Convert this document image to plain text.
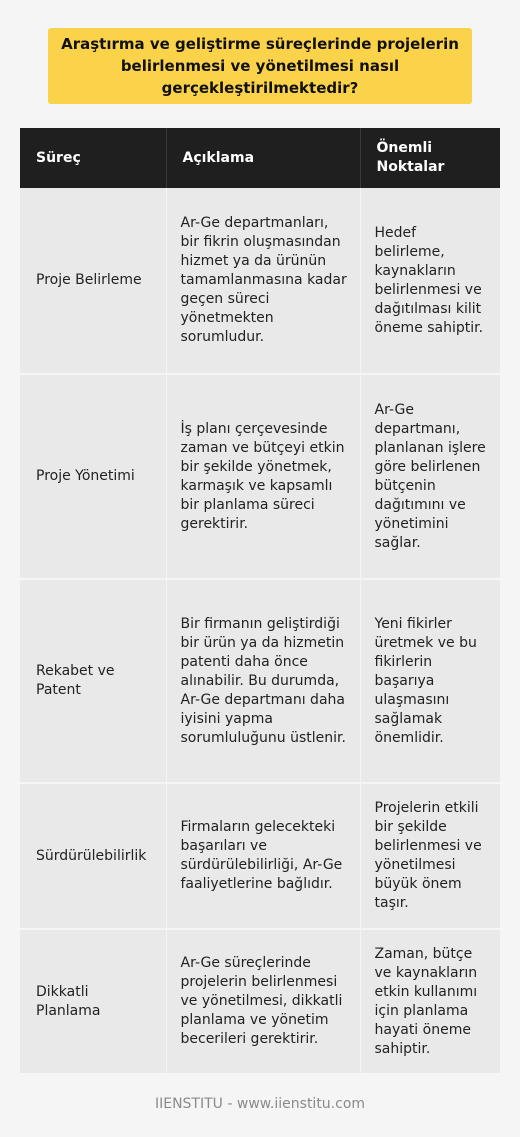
Araştırma ve geliştirme süreçlerinde projelerin belirlenmesi ve yönetilmesi nasıl gerçekleştirilmektedir?
Süreç	Açıklama	Önemli Noktalar
Proje Belirleme	Ar-Ge departmanları, bir fikrin oluşmasından hizmet ya da ürünün tamamlanmasına kadar geçen süreci yönetmekten sorumludur.	Hedef belirleme, kaynakların belirlenmesi ve dağıtılması kilit öneme sahiptir.
Proje Yönetimi	İş planı çerçevesinde zaman ve bütçeyi etkin bir şekilde yönetmek, karmaşık ve kapsamlı bir planlama süreci gerektirir.	Ar-Ge departmanı, planlanan işlere göre belirlenen bütçenin dağıtımını ve yönetimini sağlar.
Rekabet ve Patent	Bir firmanın geliştirdiği bir ürün ya da hizmetin patenti daha önce alınabilir. Bu durumda, Ar-Ge departmanı daha iyisini yapma sorumluluğunu üstlenir.	Yeni fikirler üretmek ve bu fikirlerin başarıya ulaşmasını sağlamak önemlidir.
Sürdürülebilirlik	Firmaların gelecekteki başarıları ve sürdürülebilirliği, Ar-Ge faaliyetlerine bağlıdır.	Projelerin etkili bir şekilde belirlenmesi ve yönetilmesi büyük önem taşır.
Dikkatli Planlama	Ar-Ge süreçlerinde projelerin belirlenmesi ve yönetilmesi, dikkatli planlama ve yönetim becerileri gerektirir.	Zaman, bütçe ve kaynakların etkin kullanımı için planlama hayati öneme sahiptir.
IIENSTITU - www.iienstitu.com
